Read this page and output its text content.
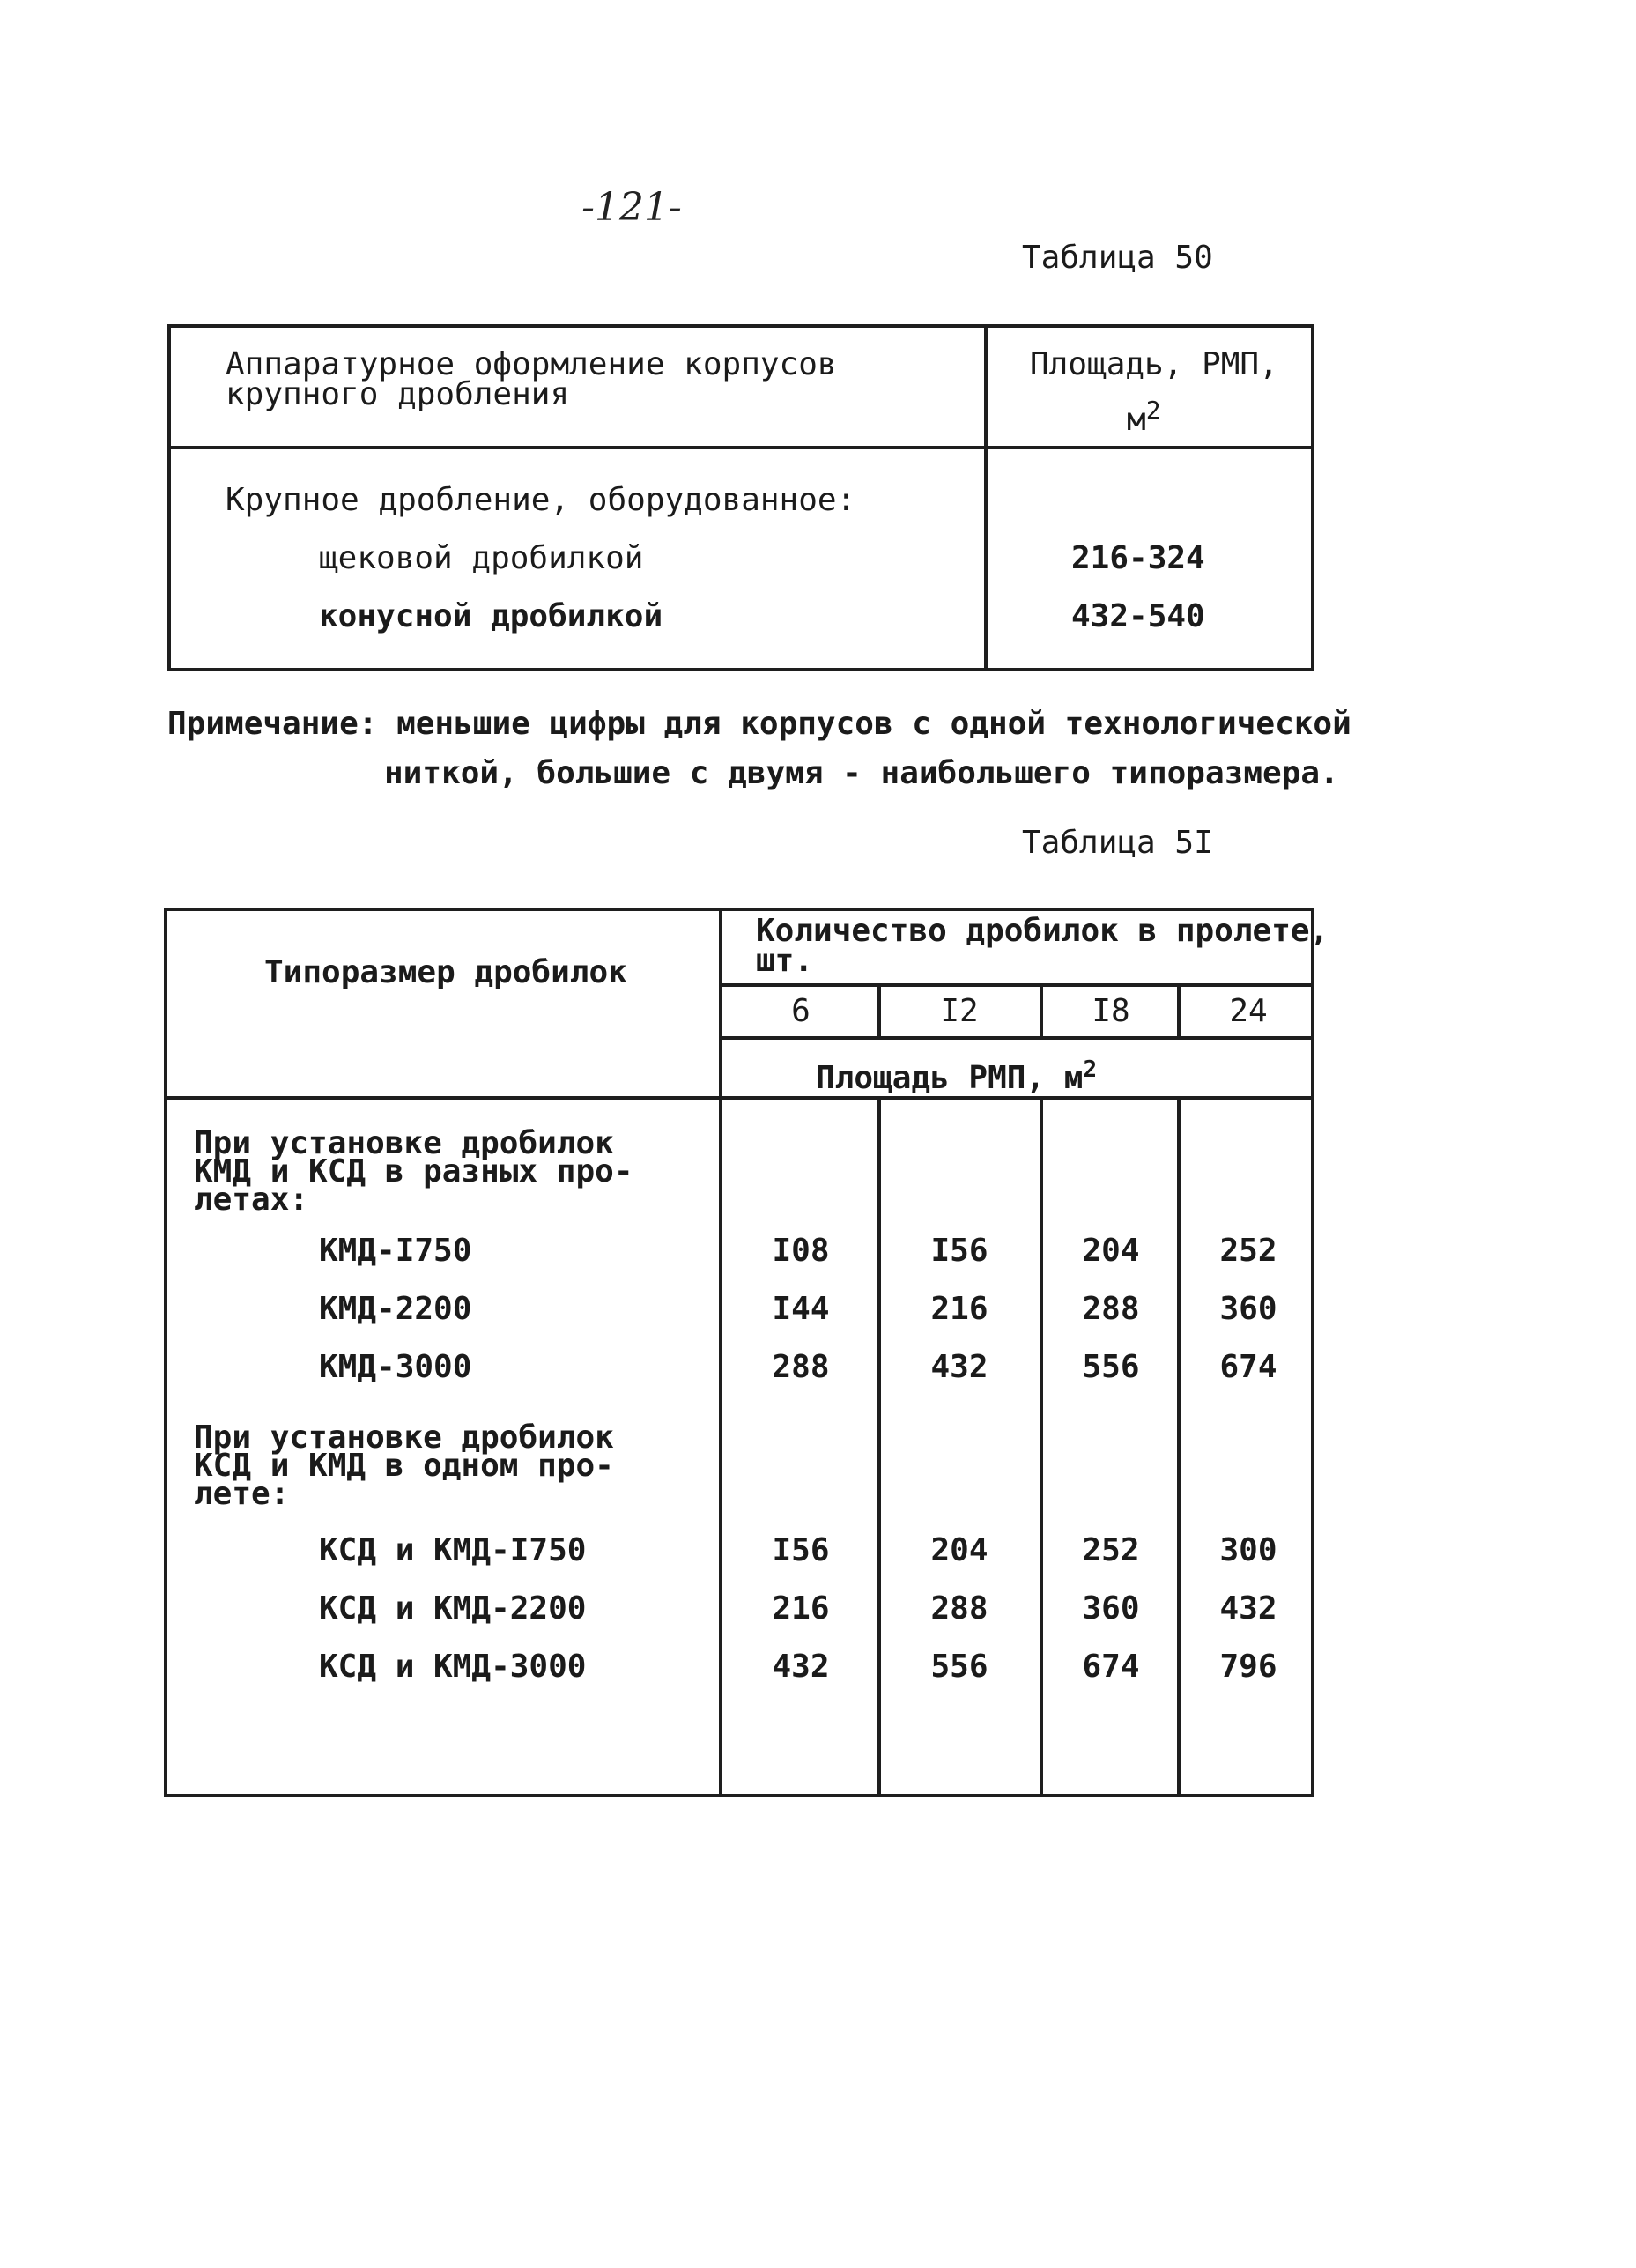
-121-
Таблица 50
Аппаратурное оформление корпусов
крупного дробления
Площадь, РМП,
$м^2$
Крупное дробление, оборудованное:
щековой дробилкой	216-324
конусной дробилкой	432-540
Примечание: меньшие цифры для корпусов с одной технологической
ниткой, большие с двумя - наибольшего типоразмера.
Таблица 5I
Типоразмер дробилок
Количество дробилок в пролете,
шт.
6	I2	I8	24
Площадь РМП, $м^2$
При установке дробилок
КМД и КСД в разных про-
летах:
КМД-I750	I08	I56	204	252
КМД-2200	I44	216	288	360
КМД-3000	288	432	556	674
При установке дробилок
КСД и КМД в одном про-
лете:
КСД и КМД-I750	I56	204	252	300
КСД и КМД-2200	216	288	360	432
КСД и КМД-3000	432	556	674	796
